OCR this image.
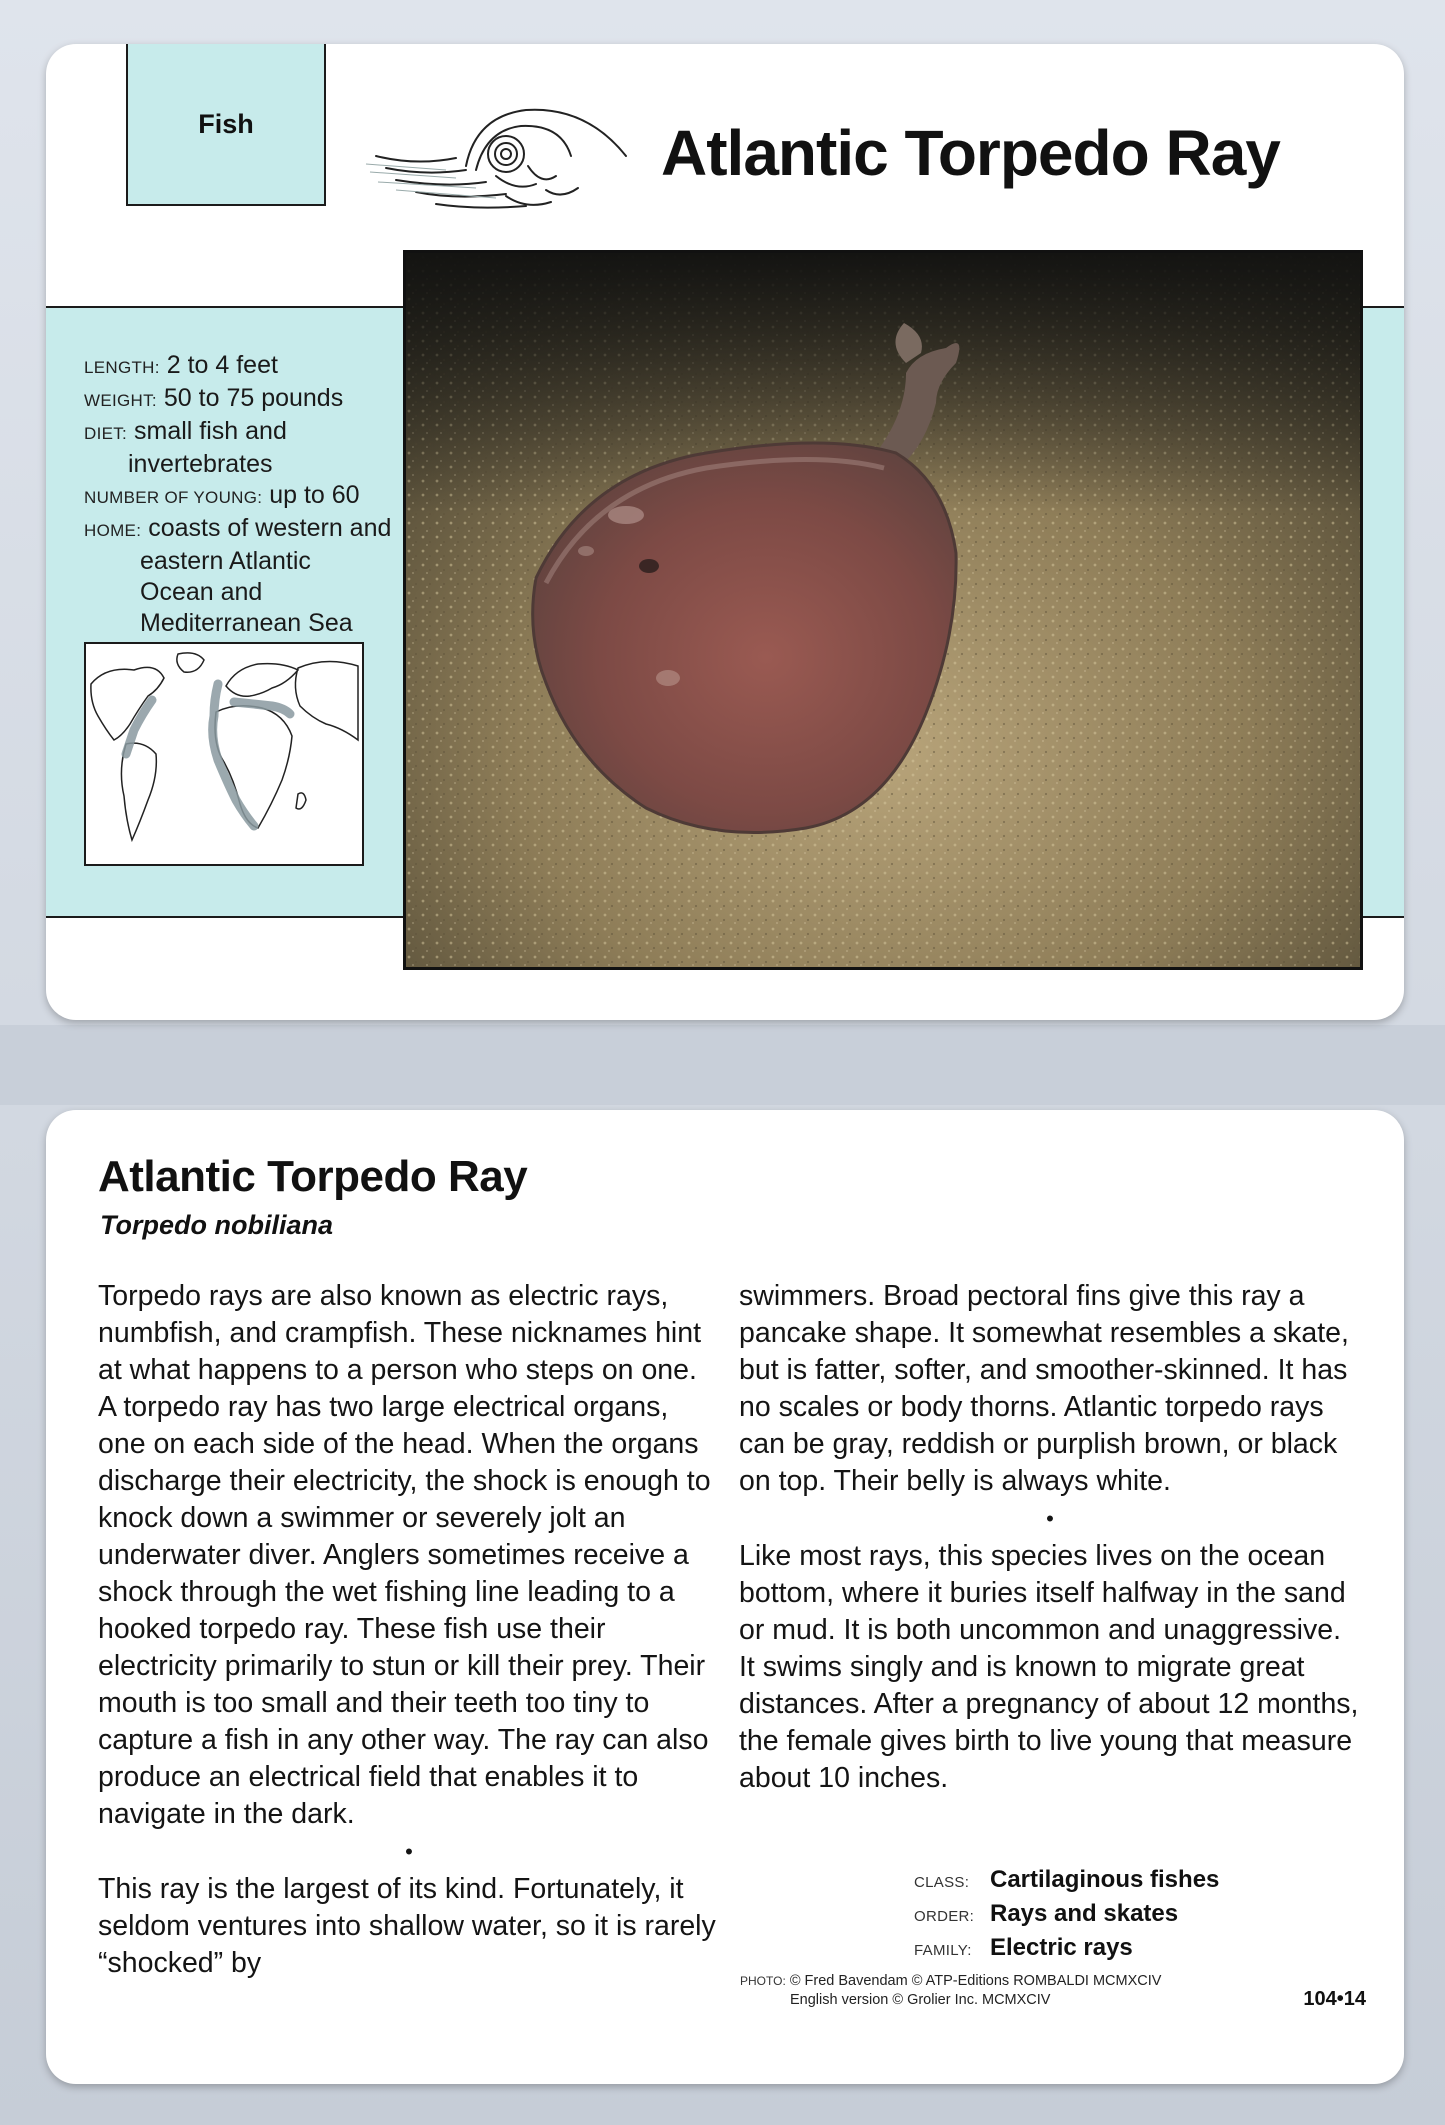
Fish	Atlantic Torpedo Ray
LENGTH: 2 to 4 feet
WEIGHT: 50 to 75 pounds
DIET: small fish and
invertebrates
NUMBER OF YOUNG: up to 60
HOME: coasts of western and
eastern Atlantic
Ocean and
Mediterranean Sea
Atlantic Torpedo Ray
Torpedo nobiliana

Torpedo rays are also known as electric rays, numbfish, and crampfish. These nicknames hint at what happens to a person who steps on one. A torpedo ray has two large electrical organs, one on each side of the head. When the organs discharge their electricity, the shock is enough to knock down a swimmer or severely jolt an underwater diver. Anglers sometimes receive a shock through the wet fishing line leading to a hooked torpedo ray. These fish use their electricity primarily to stun or kill their prey. Their mouth is too small and their teeth too tiny to capture a fish in any other way. The ray can also produce an electrical field that enables it to navigate in the dark.

•

This ray is the largest of its kind. Fortunately, it seldom ventures into shallow water, so it is rarely “shocked” by

swimmers. Broad pectoral fins give this ray a pancake shape. It somewhat resembles a skate, but is fatter, softer, and smoother-skinned. It has no scales or body thorns. Atlantic torpedo rays can be gray, reddish or purplish brown, or black on top. Their belly is always white.

•

Like most rays, this species lives on the ocean bottom, where it buries itself halfway in the sand or mud. It is both uncommon and unaggressive. It swims singly and is known to migrate great distances. After a pregnancy of about 12 months, the female gives birth to live young that measure about 10 inches.

CLASS: Cartilaginous fishes
ORDER: Rays and skates
FAMILY: Electric rays
PHOTO: © Fred Bavendam © ATP-Editions ROMBALDI MCMXCIV
English version © Grolier Inc. MCMXCIV	104•14
